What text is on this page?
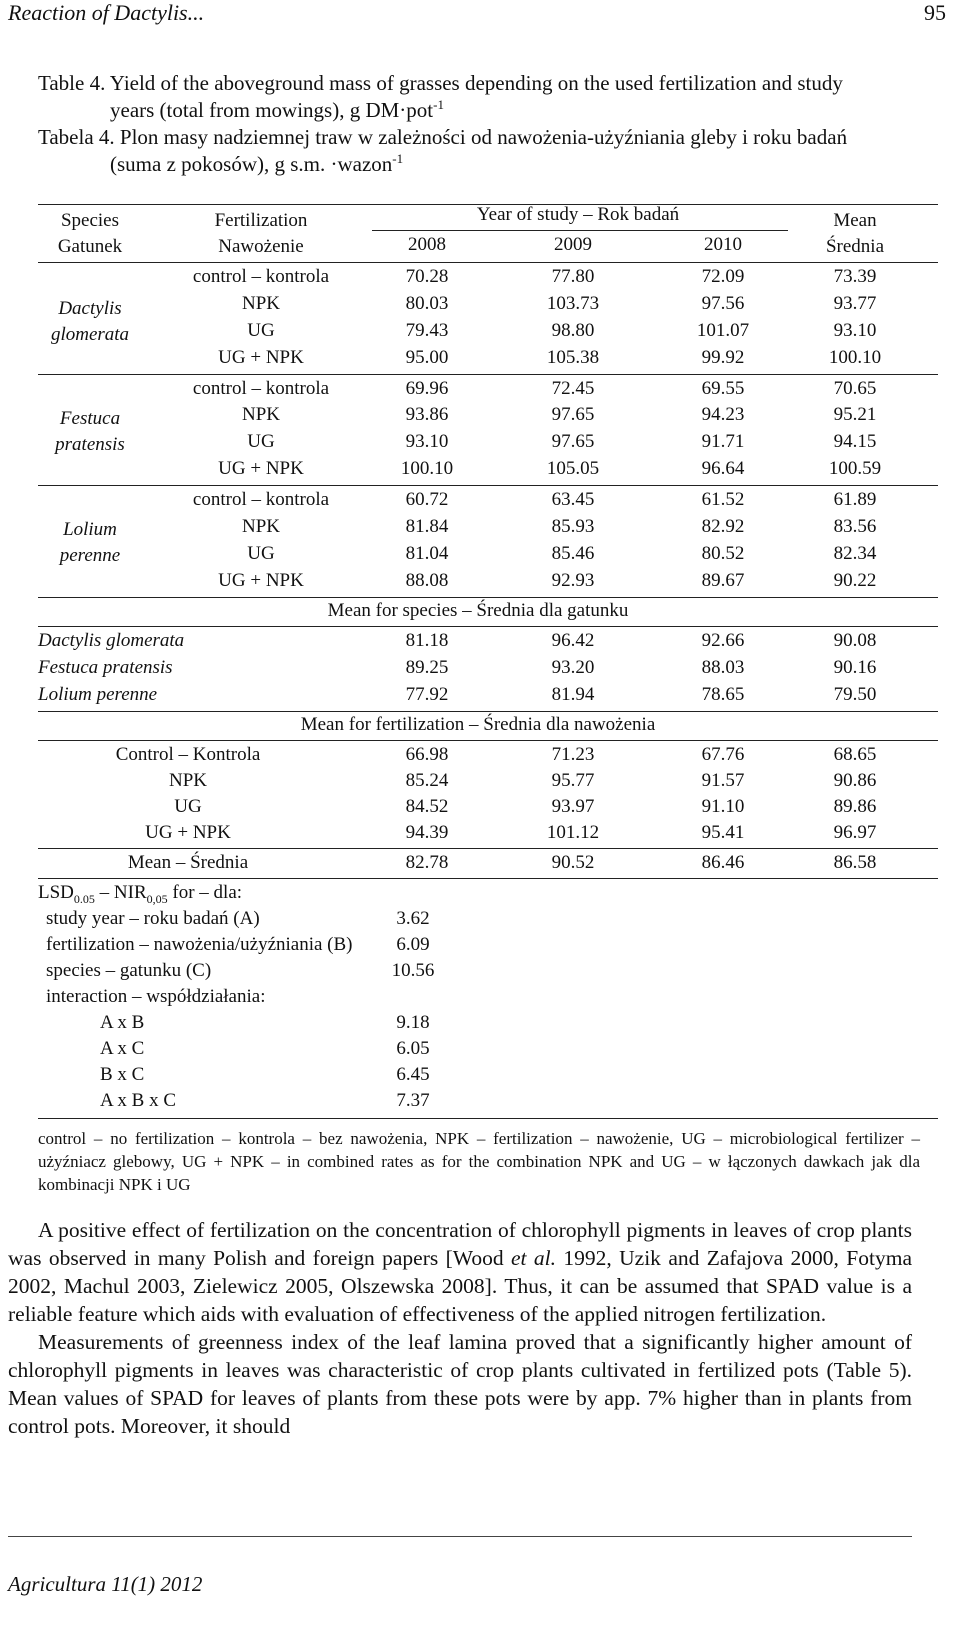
Reaction of Dactylis...	95
Table 4. Yield of the aboveground mass of grasses depending on the used fertilization and study
years (total from mowings), g DM·pot$^{-1}$
Tabela 4. Plon masy nadziemnej traw w zależności od nawożenia-użyźniania gleby i roku badań
(suma z pokosów), g s.m. ·wazon$^{-1}$
Species
Gatunek
Fertilization
Nawożenie
Year of study – Rok badań
2008	2009	2010
Mean
Średnia
Dactylis
glomerata
control – kontrola	70.28	77.80	72.09	73.39
NPK	80.03	103.73	97.56	93.77
UG	79.43	98.80	101.07	93.10
UG + NPK	95.00	105.38	99.92	100.10
Festuca
pratensis
control – kontrola	69.96	72.45	69.55	70.65
NPK	93.86	97.65	94.23	95.21
UG	93.10	97.65	91.71	94.15
UG + NPK	100.10	105.05	96.64	100.59
Lolium
perenne
control – kontrola	60.72	63.45	61.52	61.89
NPK	81.84	85.93	82.92	83.56
UG	81.04	85.46	80.52	82.34
UG + NPK	88.08	92.93	89.67	90.22
Mean for species – Średnia dla gatunku
Dactylis glomerata	81.18	96.42	92.66	90.08
Festuca pratensis	89.25	93.20	88.03	90.16
Lolium perenne	77.92	81.94	78.65	79.50
Mean for fertilization – Średnia dla nawożenia
Control – Kontrola	66.98	71.23	67.76	68.65
NPK	85.24	95.77	91.57	90.86
UG	84.52	93.97	91.10	89.86
UG + NPK	94.39	101.12	95.41	96.97
Mean – Średnia	82.78	90.52	86.46	86.58
$LSD_{0.05} - NIR_{0,05}$ for – dla:
study year – roku badań (A)	3.62
fertilization – nawożenia/użyźniania (B)	6.09
species – gatunku (C)	10.56
interaction – współdziałania:
A x B	9.18
A x C	6.05
B x C	6.45
A x B x C	7.37
control – no fertilization – kontrola – bez nawożenia, NPK – fertilization – nawożenie, UG – microbiological fertilizer – użyźniacz glebowy, UG + NPK – in combined rates as for the combination NPK and UG – w łączonych dawkach jak dla kombinacji NPK i UG

A positive effect of fertilization on the concentration of chlorophyll pigments in leaves of crop plants was observed in many Polish and foreign papers [Wood et al. 1992, Uzik and Zafajova 2000, Fotyma 2002, Machul 2003, Zielewicz 2005, Olszewska 2008]. Thus, it can be assumed that SPAD value is a reliable feature which aids with evaluation of effectiveness of the applied nitrogen fertilization.

Measurements of greenness index of the leaf lamina proved that a significantly higher amount of chlorophyll pigments in leaves was characteristic of crop plants cultivated in fertilized pots (Table 5). Mean values of SPAD for leaves of plants from these pots were by app. 7% higher than in plants from control pots. Moreover, it should

Agricultura 11(1) 2012
